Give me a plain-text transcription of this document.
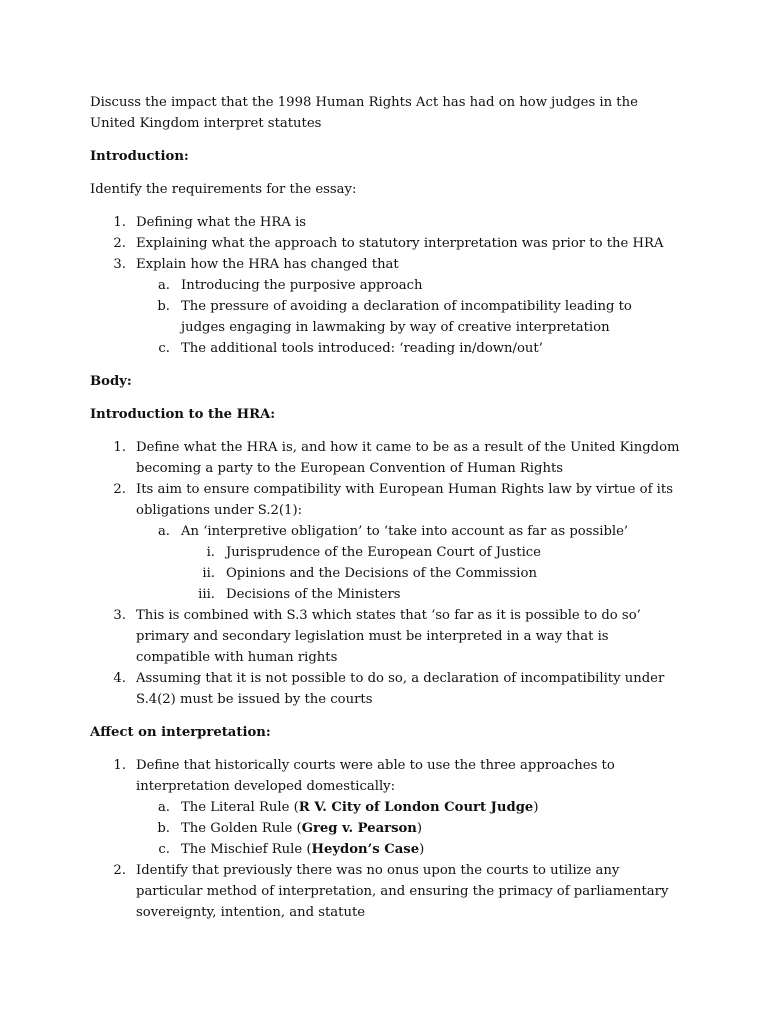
Discuss the impact that the 1998 Human Rights Act has had on how judges in the United Kingdom interpret statutes

Introduction:

Identify the requirements for the essay:

1. Defining what the HRA is
2. Explaining what the approach to statutory interpretation was prior to the HRA
3. Explain how the HRA has changed that
a. Introducing the purposive approach
b. The pressure of avoiding a declaration of incompatibility leading to judges engaging in lawmaking by way of creative interpretation
c. The additional tools introduced: ‘reading in/down/out’

Body:

Introduction to the HRA:

1. Define what the HRA is, and how it came to be as a result of the United Kingdom becoming a party to the European Convention of Human Rights
2. Its aim to ensure compatibility with European Human Rights law by virtue of its obligations under S.2(1):
a. An ‘interpretive obligation’ to ‘take into account as far as possible’
i. Jurisprudence of the European Court of Justice
ii. Opinions and the Decisions of the Commission
iii. Decisions of the Ministers
3. This is combined with S.3 which states that ‘so far as it is possible to do so’ primary and secondary legislation must be interpreted in a way that is compatible with human rights
4. Assuming that it is not possible to do so, a declaration of incompatibility under S.4(2) must be issued by the courts

Affect on interpretation:

1. Define that historically courts were able to use the three approaches to interpretation developed domestically:
a. The Literal Rule (R V. City of London Court Judge)
b. The Golden Rule (Greg v. Pearson)
c. The Mischief Rule (Heydon’s Case)
2. Identify that previously there was no onus upon the courts to utilize any particular method of interpretation, and ensuring the primacy of parliamentary sovereignty, intention, and statute
